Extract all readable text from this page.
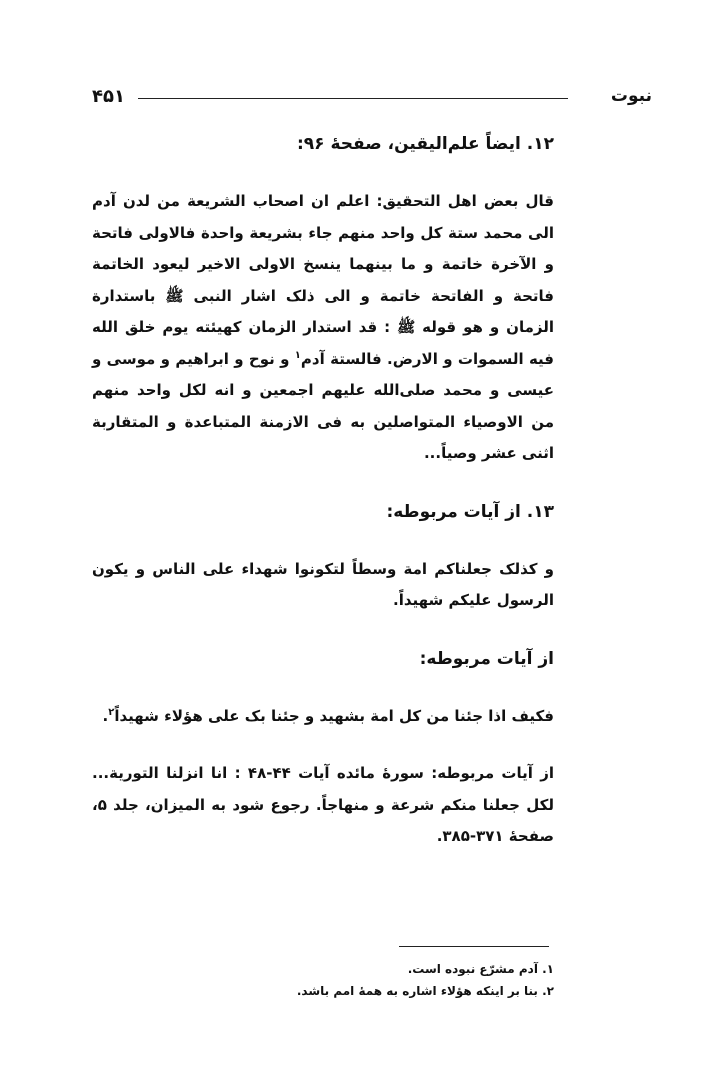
نبوت
۴۵۱
۱۲. ایضاً علم‌الیقین، صفحهٔ ۹۶:
قال بعض اهل التحقیق: اعلم ان اصحاب الشریعة من لدن آدم الی محمد ستة کل واحد منهم جاء بشریعة واحدة فالاولی فاتحة و الآخرة خاتمة و ما بینهما ینسخ الاولی الاخیر لیعود الخاتمة فاتحة و الفاتحة خاتمة و الی ذلک اشار النبی ﷺ باستدارة الزمان و هو قوله ﷺ : قد استدار الزمان کهیئته یوم خلق الله فیه السموات و الارض. فالستة آدم$^۱$ و نوح و ابراهیم و موسی و عیسی و محمد صلی‌الله علیهم اجمعین و انه لکل واحد منهم من الاوصیاء المتواصلین به فی الازمنة المتباعدة و المتقاربة اثنی عشر وصیاً...
۱۳. از آیات مربوطه:
و کذلک جعلناکم امة وسطاً لتکونوا شهداء علی الناس و یکون الرسول علیکم شهیداً.
از آیات مربوطه:
فکیف اذا جئنا من کل امة بشهید و جئنا بک علی هؤلاء شهیداً$^۲$.
از آیات مربوطه: سورهٔ مائده آیات ۴۴-۴۸ : انا انزلنا التوریة... لکل جعلنا منکم شرعة و منهاجاً. رجوع شود به المیزان، جلد ۵، صفحهٔ ۳۷۱-۳۸۵.
۱. آدم مشرّع نبوده است.
۲. بنا بر اینکه هؤلاء اشاره به همهٔ امم باشد.
